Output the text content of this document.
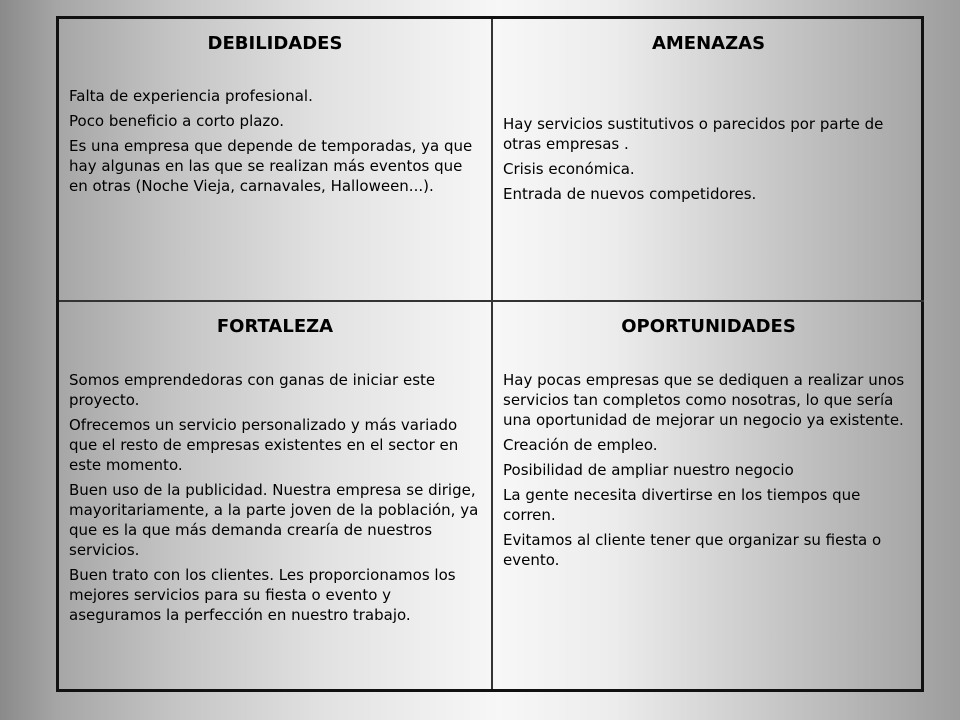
DEBILIDADES
Falta de experiencia profesional.
Poco beneficio a corto plazo.
Es una empresa que depende de temporadas, ya que hay algunas en las que se realizan más eventos que en otras (Noche Vieja, carnavales, Halloween...).
AMENAZAS
Hay servicios sustitutivos o parecidos por parte de otras empresas .
Crisis económica.
Entrada de nuevos competidores.
FORTALEZA
Somos emprendedoras con ganas de iniciar este proyecto.
Ofrecemos un servicio personalizado y más variado que el resto de empresas existentes en el sector en este momento.
Buen uso de la publicidad. Nuestra empresa se dirige, mayoritariamente, a la parte joven de la población, ya que es la que más demanda crearía de nuestros servicios.
Buen trato con los clientes. Les proporcionamos los mejores servicios para su fiesta o evento y aseguramos la perfección en nuestro trabajo.
OPORTUNIDADES
Hay pocas empresas que se dediquen a realizar unos servicios tan completos como nosotras, lo que sería una oportunidad de mejorar un negocio ya existente.
Creación de empleo.
Posibilidad de ampliar nuestro negocio
La gente necesita divertirse en los tiempos que corren.
Evitamos al cliente tener que organizar su fiesta o evento.
